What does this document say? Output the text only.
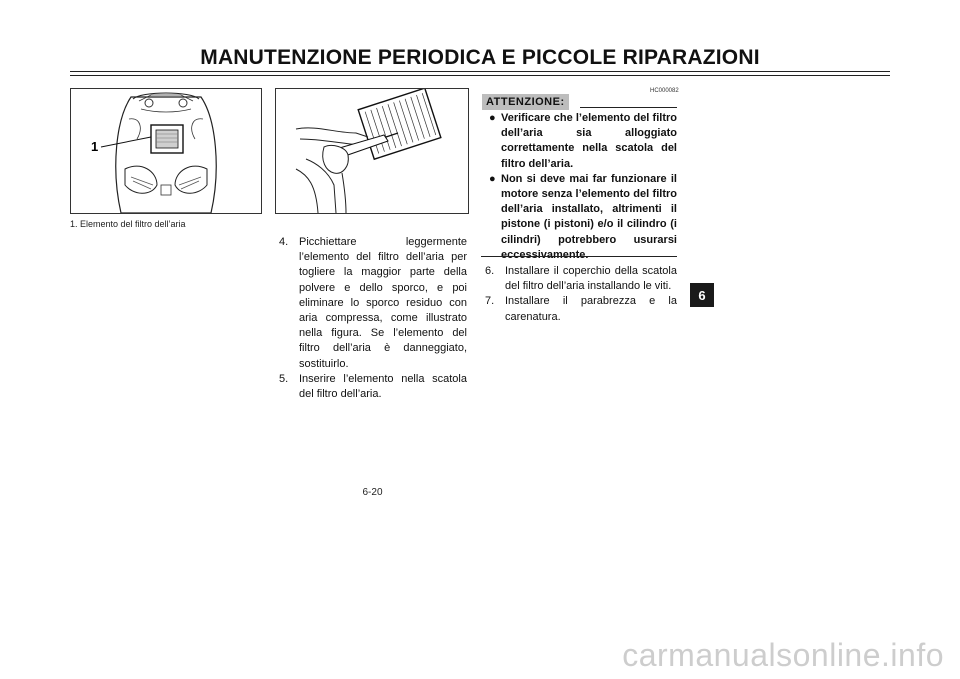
MANUTENZIONE PERIODICA E PICCOLE RIPARAZIONI
1
1. Elemento del filtro dell’aria
4. Picchiettare leggermente l’elemento del filtro dell’aria per togliere la maggior parte della polvere e dello sporco, e poi eliminare lo sporco residuo con aria compressa, come illustrato nella figura. Se l’elemento del filtro dell’aria è danneggiato, sostituirlo.
5. Inserire l’elemento nella scatola del filtro dell’aria.
HC000082
ATTENZIONE:
● Verificare che l’elemento del filtro dell’aria sia alloggiato correttamente nella scatola del filtro dell’aria.
● Non si deve mai far funzionare il motore senza l’elemento del filtro dell’aria installato, altrimenti il pistone (i pistoni) e/o il cilindro (i cilindri) potrebbero usurarsi eccessivamente.
6. Installare il coperchio della scatola del filtro dell’aria installando le viti.
7. Installare il parabrezza e la carenatura.
6
6-20
carmanualsonline.info
